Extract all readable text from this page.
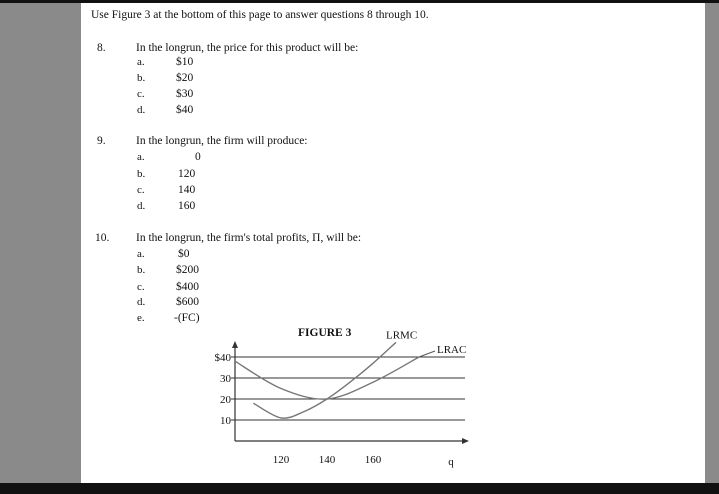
Use Figure 3 at the bottom of this page to answer questions 8 through 10.
8.	In the longrun, the price for this product will be:
a.	$10
b.	$20
c.	$30
d.	$40
9.	In the longrun, the firm will produce:
a.	0
b.	120
c.	140
d.	160
10. In the longrun, the firm's total profits, Π, will be:
a.	$0
b.	$200
c.	$400
d.	$600
e.	-(FC)
FIGURE 3
$40
30
20
10
120	140	160	q
LRMC
LRAC
